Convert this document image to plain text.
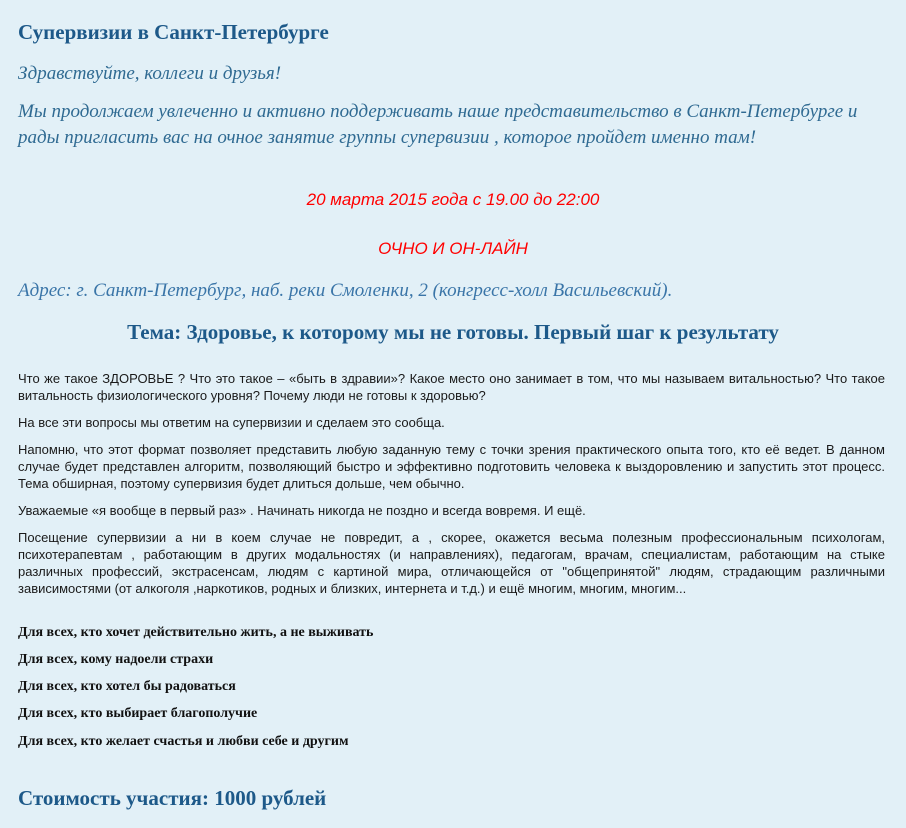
Супервизии в Санкт-Петербурге

Здравствуйте, коллеги и друзья!

Мы продолжаем увлеченно и активно поддерживать наше представительство в Санкт-Петербурге и рады пригласить вас на очное занятие группы супервизии , которое пройдет именно там!

20 марта 2015 года с 19.00 до 22:00

ОЧНО И ОН-ЛАЙН

Адрес: г. Санкт-Петербург, наб. реки Смоленки, 2 (конгресс-холл Васильевский).

Тема: Здоровье, к которому мы не готовы. Первый шаг к результату

Что же такое ЗДОРОВЬЕ ? Что это такое – «быть в здравии»? Какое место оно занимает в том, что мы называем витальностью? Что такое витальность физиологического уровня? Почему люди не готовы к здоровью?

На все эти вопросы мы ответим на супервизии и сделаем это сообща.

Напомню, что этот формат позволяет представить любую заданную тему с точки зрения практического опыта того, кто её ведет. В данном случае будет представлен алгоритм, позволяющий быстро и эффективно подготовить человека к выздоровлению и запустить этот процесс. Тема обширная, поэтому супервизия будет длиться дольше, чем обычно.

Уважаемые «я вообще в первый раз» . Начинать никогда не поздно и всегда вовремя. И ещё.

Посещение супервизии а ни в коем случае не повредит, а , скорее, окажется весьма полезным профессиональным психологам, психотерапевтам , работающим в других модальностях (и направлениях), педагогам, врачам, специалистам, работающим на стыке различных профессий, экстрасенсам, людям с картиной мира, отличающейся от "общепринятой" людям, страдающим различными зависимостями (от алкоголя ,наркотиков, родных и близких, интернета и т.д.) и ещё многим, многим, многим...

Для всех, кто хочет действительно жить, а не выживать

Для всех, кому надоели страхи

Для всех, кто хотел бы радоваться

Для всех, кто выбирает благополучие

Для всех, кто желает счастья и любви себе и другим

Стоимость участия: 1000 рублей
